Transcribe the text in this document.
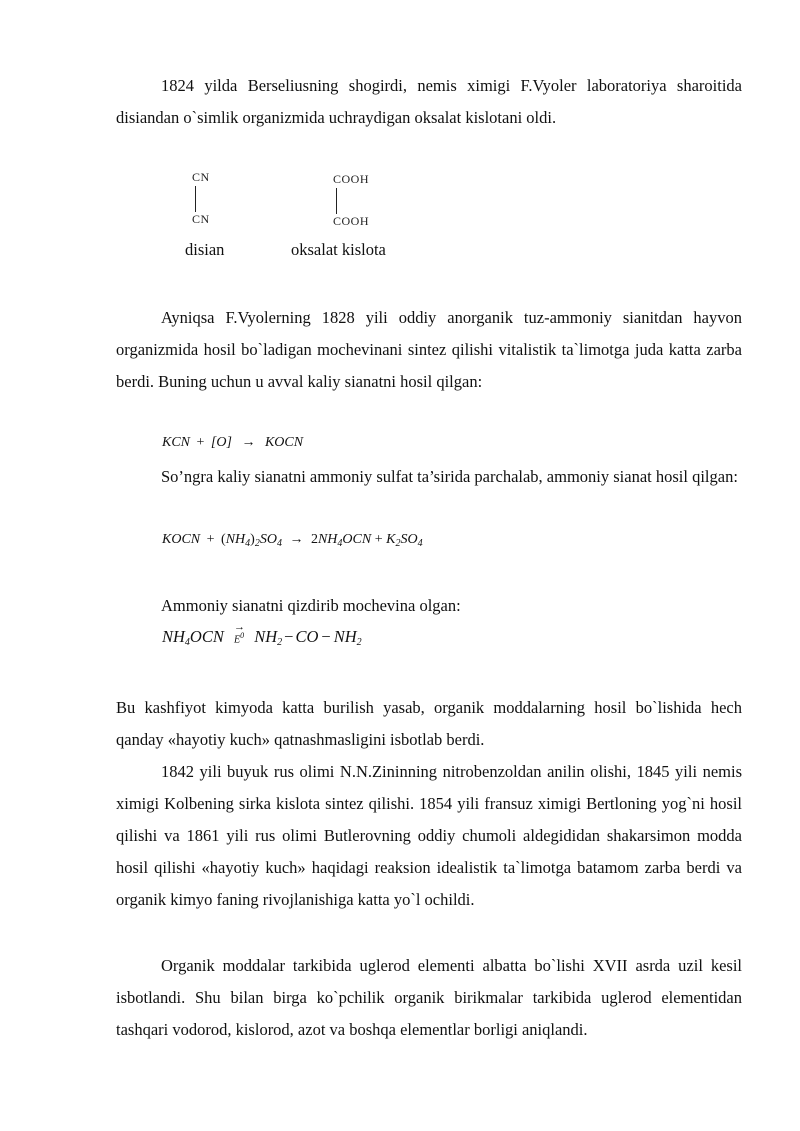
1824 yilda Berseliusning shogirdi, nemis ximigi F.Vyoler laboratoriya sharoitida disiandan o`simlik organizmida uchraydigan oksalat kislotani oldi.

CN
CN
disian
COOH
COOH
oksalat kislota

Ayniqsa F.Vyolerning 1828 yili oddiy anorganik tuz-ammoniy sianitdan hayvon organizmida hosil bo`ladigan mochevinani sintez qilishi vitalistik ta`limotga juda katta zarba berdi. Buning uchun u avval kaliy sianatni hosil qilgan:

KCN + [O] → KOCN

So’ngra kaliy sianatni ammoniy sulfat ta’sirida parchalab, ammoniy sianat hosil qilgan:

KOCN + $(NH_4)_2SO_4 \to 2NH_4OCN + K_2SO_4$

Ammoniy sianatni qizdirib mochevina olgan:

$NH_4OCN$
→
$E^0$ $NH_2$ − CO − $NH_2$

Bu kashfiyot kimyoda katta burilish yasab, organik moddalarning hosil bo`lishida hech qanday «hayotiy kuch» qatnashmasligini isbotlab berdi.

1842 yili buyuk rus olimi N.N.Zininning nitrobenzoldan anilin olishi, 1845 yili nemis ximigi Kolbening sirka kislota sintez qilishi. 1854 yili fransuz ximigi Bertloning yog`ni hosil qilishi va 1861 yili rus olimi Butlerovning oddiy chumoli aldegididan shakarsimon modda hosil qilishi «hayotiy kuch» haqidagi reaksion idealistik ta`limotga batamom zarba berdi va organik kimyo faning rivojlanishiga katta yo`l ochildi.

Organik moddalar tarkibida uglerod elementi albatta bo`lishi XVII asrda uzil kesil isbotlandi. Shu bilan birga ko`pchilik organik birikmalar tarkibida uglerod elementidan tashqari vodorod, kislorod, azot va boshqa elementlar borligi aniqlandi.
